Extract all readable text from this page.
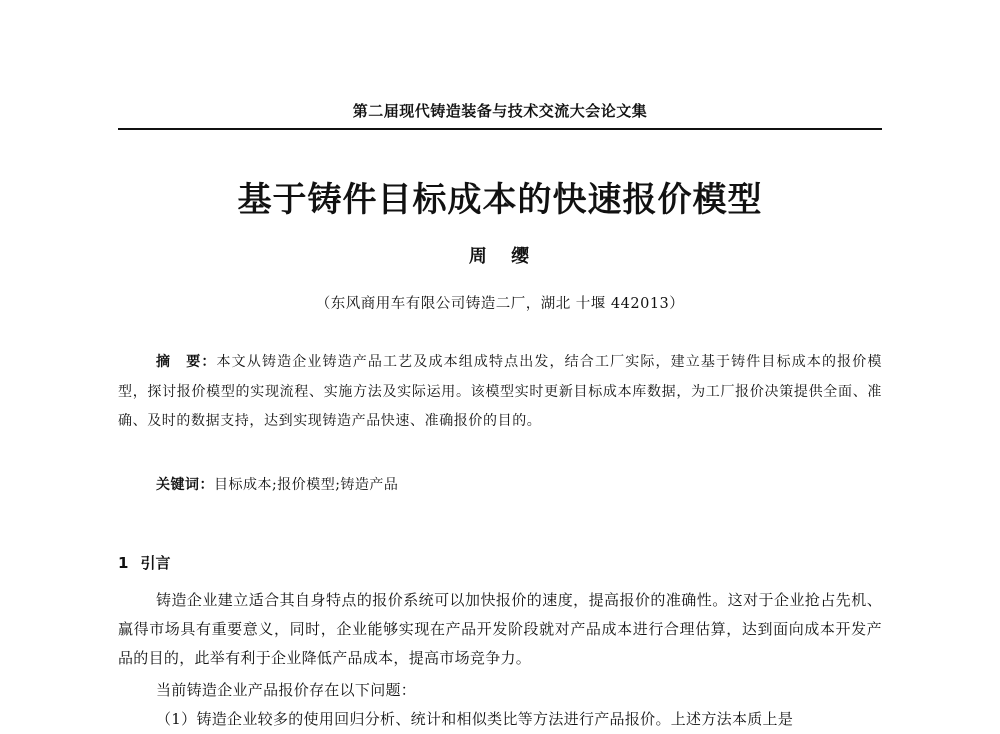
第二届现代铸造装备与技术交流大会论文集
基于铸件目标成本的快速报价模型
周 缨
（东风商用车有限公司铸造二厂，湖北 十堰 442013）

摘　要：本文从铸造企业铸造产品工艺及成本组成特点出发，结合工厂实际，建立基于铸件目标成本的报价模型，探讨报价模型的实现流程、实施方法及实际运用。该模型实时更新目标成本库数据，为工厂报价决策提供全面、准确、及时的数据支持，达到实现铸造产品快速、准确报价的目的。

关键词：目标成本;报价模型;铸造产品
1 引言

铸造企业建立适合其自身特点的报价系统可以加快报价的速度，提高报价的准确性。这对于企业抢占先机、赢得市场具有重要意义，同时，企业能够实现在产品开发阶段就对产品成本进行合理估算，达到面向成本开发产品的目的，此举有利于企业降低产品成本，提高市场竞争力。

当前铸造企业产品报价存在以下问题：

（1）铸造企业较多的使用回归分析、统计和相似类比等方法进行产品报价。上述方法本质上是
